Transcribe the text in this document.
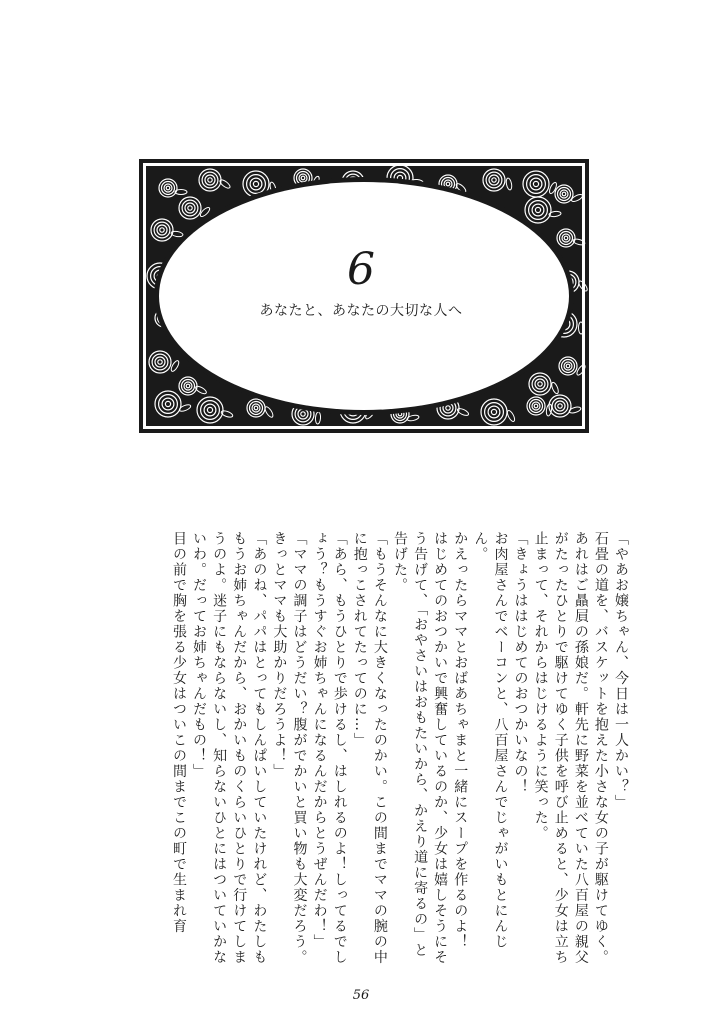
6
あなたと、あなたの大切な人へ

「やあお嬢ちゃん、今日は一人かい？」

石畳の道を、バスケットを抱えた小さな女の子が駆けてゆく。

あれはご贔屓の孫娘だ。軒先に野菜を並べていた八百屋の親父

がたったひとりで駆けてゆく子供を呼び止めると、少女は立ち

止まって、それからはじけるように笑った。

「きょうははじめてのおつかいなの！

お肉屋さんでベーコンと、八百屋さんでじゃがいもとにんじん。

かえったらママとおばあちゃまと一緒にスープを作るのよ！

はじめてのおつかいで興奮しているのか、少女は嬉しそうにそ

う告げて、「おやさいはおもたいから、かえり道に寄るの」と

告げた。

「もうそんなに大きくなったのかい。この間までママの腕の中

に抱っこされてたってのに…」

「あら、もうひとりで歩けるし、はしれるのよ！しってるでし

ょう？もうすぐお姉ちゃんになるんだからとうぜんだわ！」

「ママの調子はどうだい？腹がでかいと買い物も大変だろう。

きっとママも大助かりだろうよ！」

「あのね、パパはとってもしんぱいしていたけれど、わたしも

もうお姉ちゃんだから、おかいものくらいひとりで行けてしま

うのよ。迷子にもならないし、知らないひとにはついていかな

いわ。だってお姉ちゃんだもの！」

目の前で胸を張る少女はついこの間までこの町で生まれ育

56
